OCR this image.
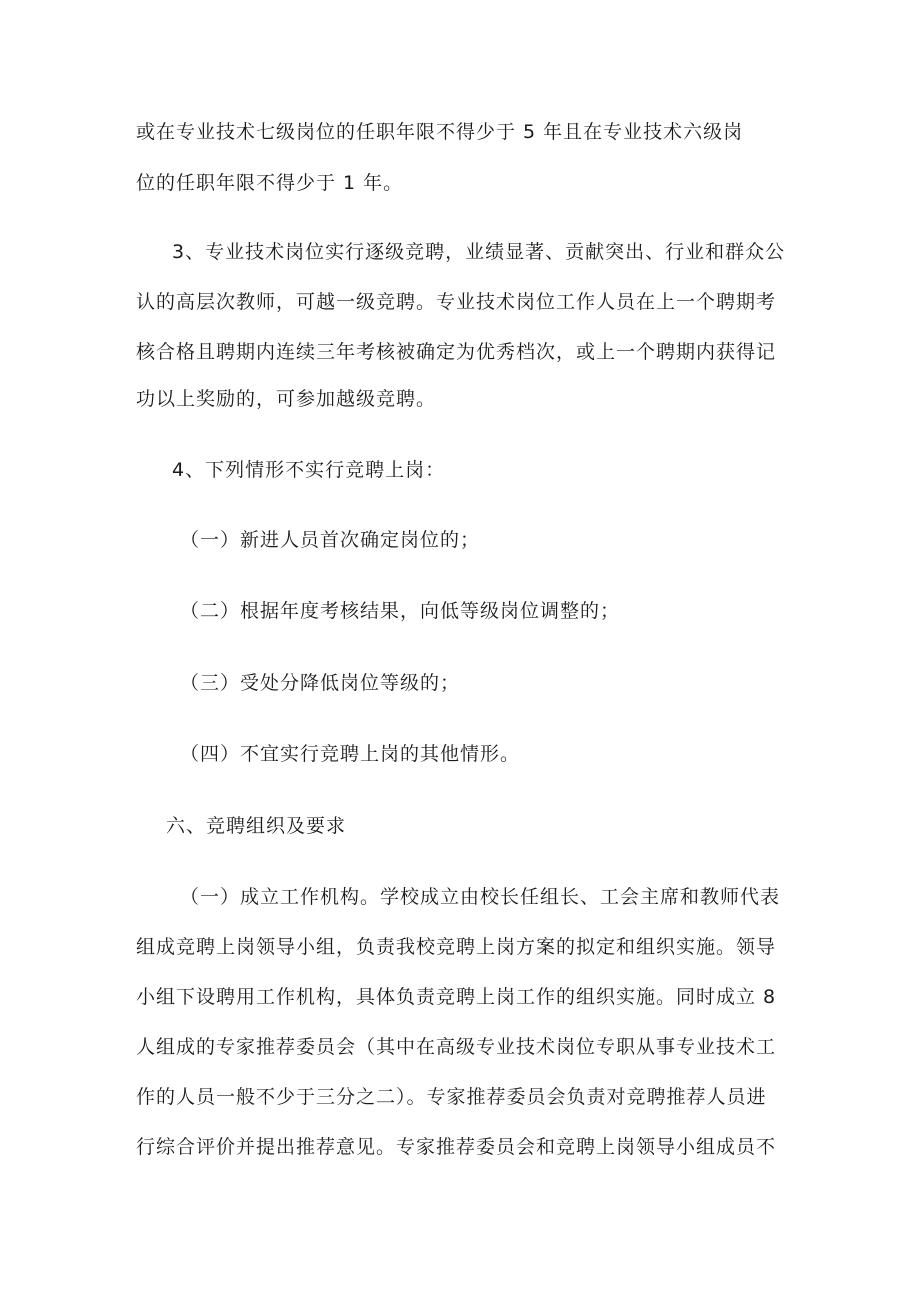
或在专业技术七级岗位的任职年限不得少于 5 年且在专业技术六级岗
位的任职年限不得少于 1 年。
3、专业技术岗位实行逐级竞聘，业绩显著、贡献突出、行业和群众公
认的高层次教师，可越一级竞聘。专业技术岗位工作人员在上一个聘期考
核合格且聘期内连续三年考核被确定为优秀档次，或上一个聘期内获得记
功以上奖励的，可参加越级竞聘。
4、下列情形不实行竞聘上岗：
（一）新进人员首次确定岗位的；
（二）根据年度考核结果，向低等级岗位调整的；
（三）受处分降低岗位等级的；
（四）不宜实行竞聘上岗的其他情形。
六、竞聘组织及要求
（一）成立工作机构。学校成立由校长任组长、工会主席和教师代表
组成竞聘上岗领导小组，负责我校竞聘上岗方案的拟定和组织实施。领导
小组下设聘用工作机构，具体负责竞聘上岗工作的组织实施。同时成立 8
人组成的专家推荐委员会（其中在高级专业技术岗位专职从事专业技术工
作的人员一般不少于三分之二）。专家推荐委员会负责对竞聘推荐人员进
行综合评价并提出推荐意见。专家推荐委员会和竞聘上岗领导小组成员不
